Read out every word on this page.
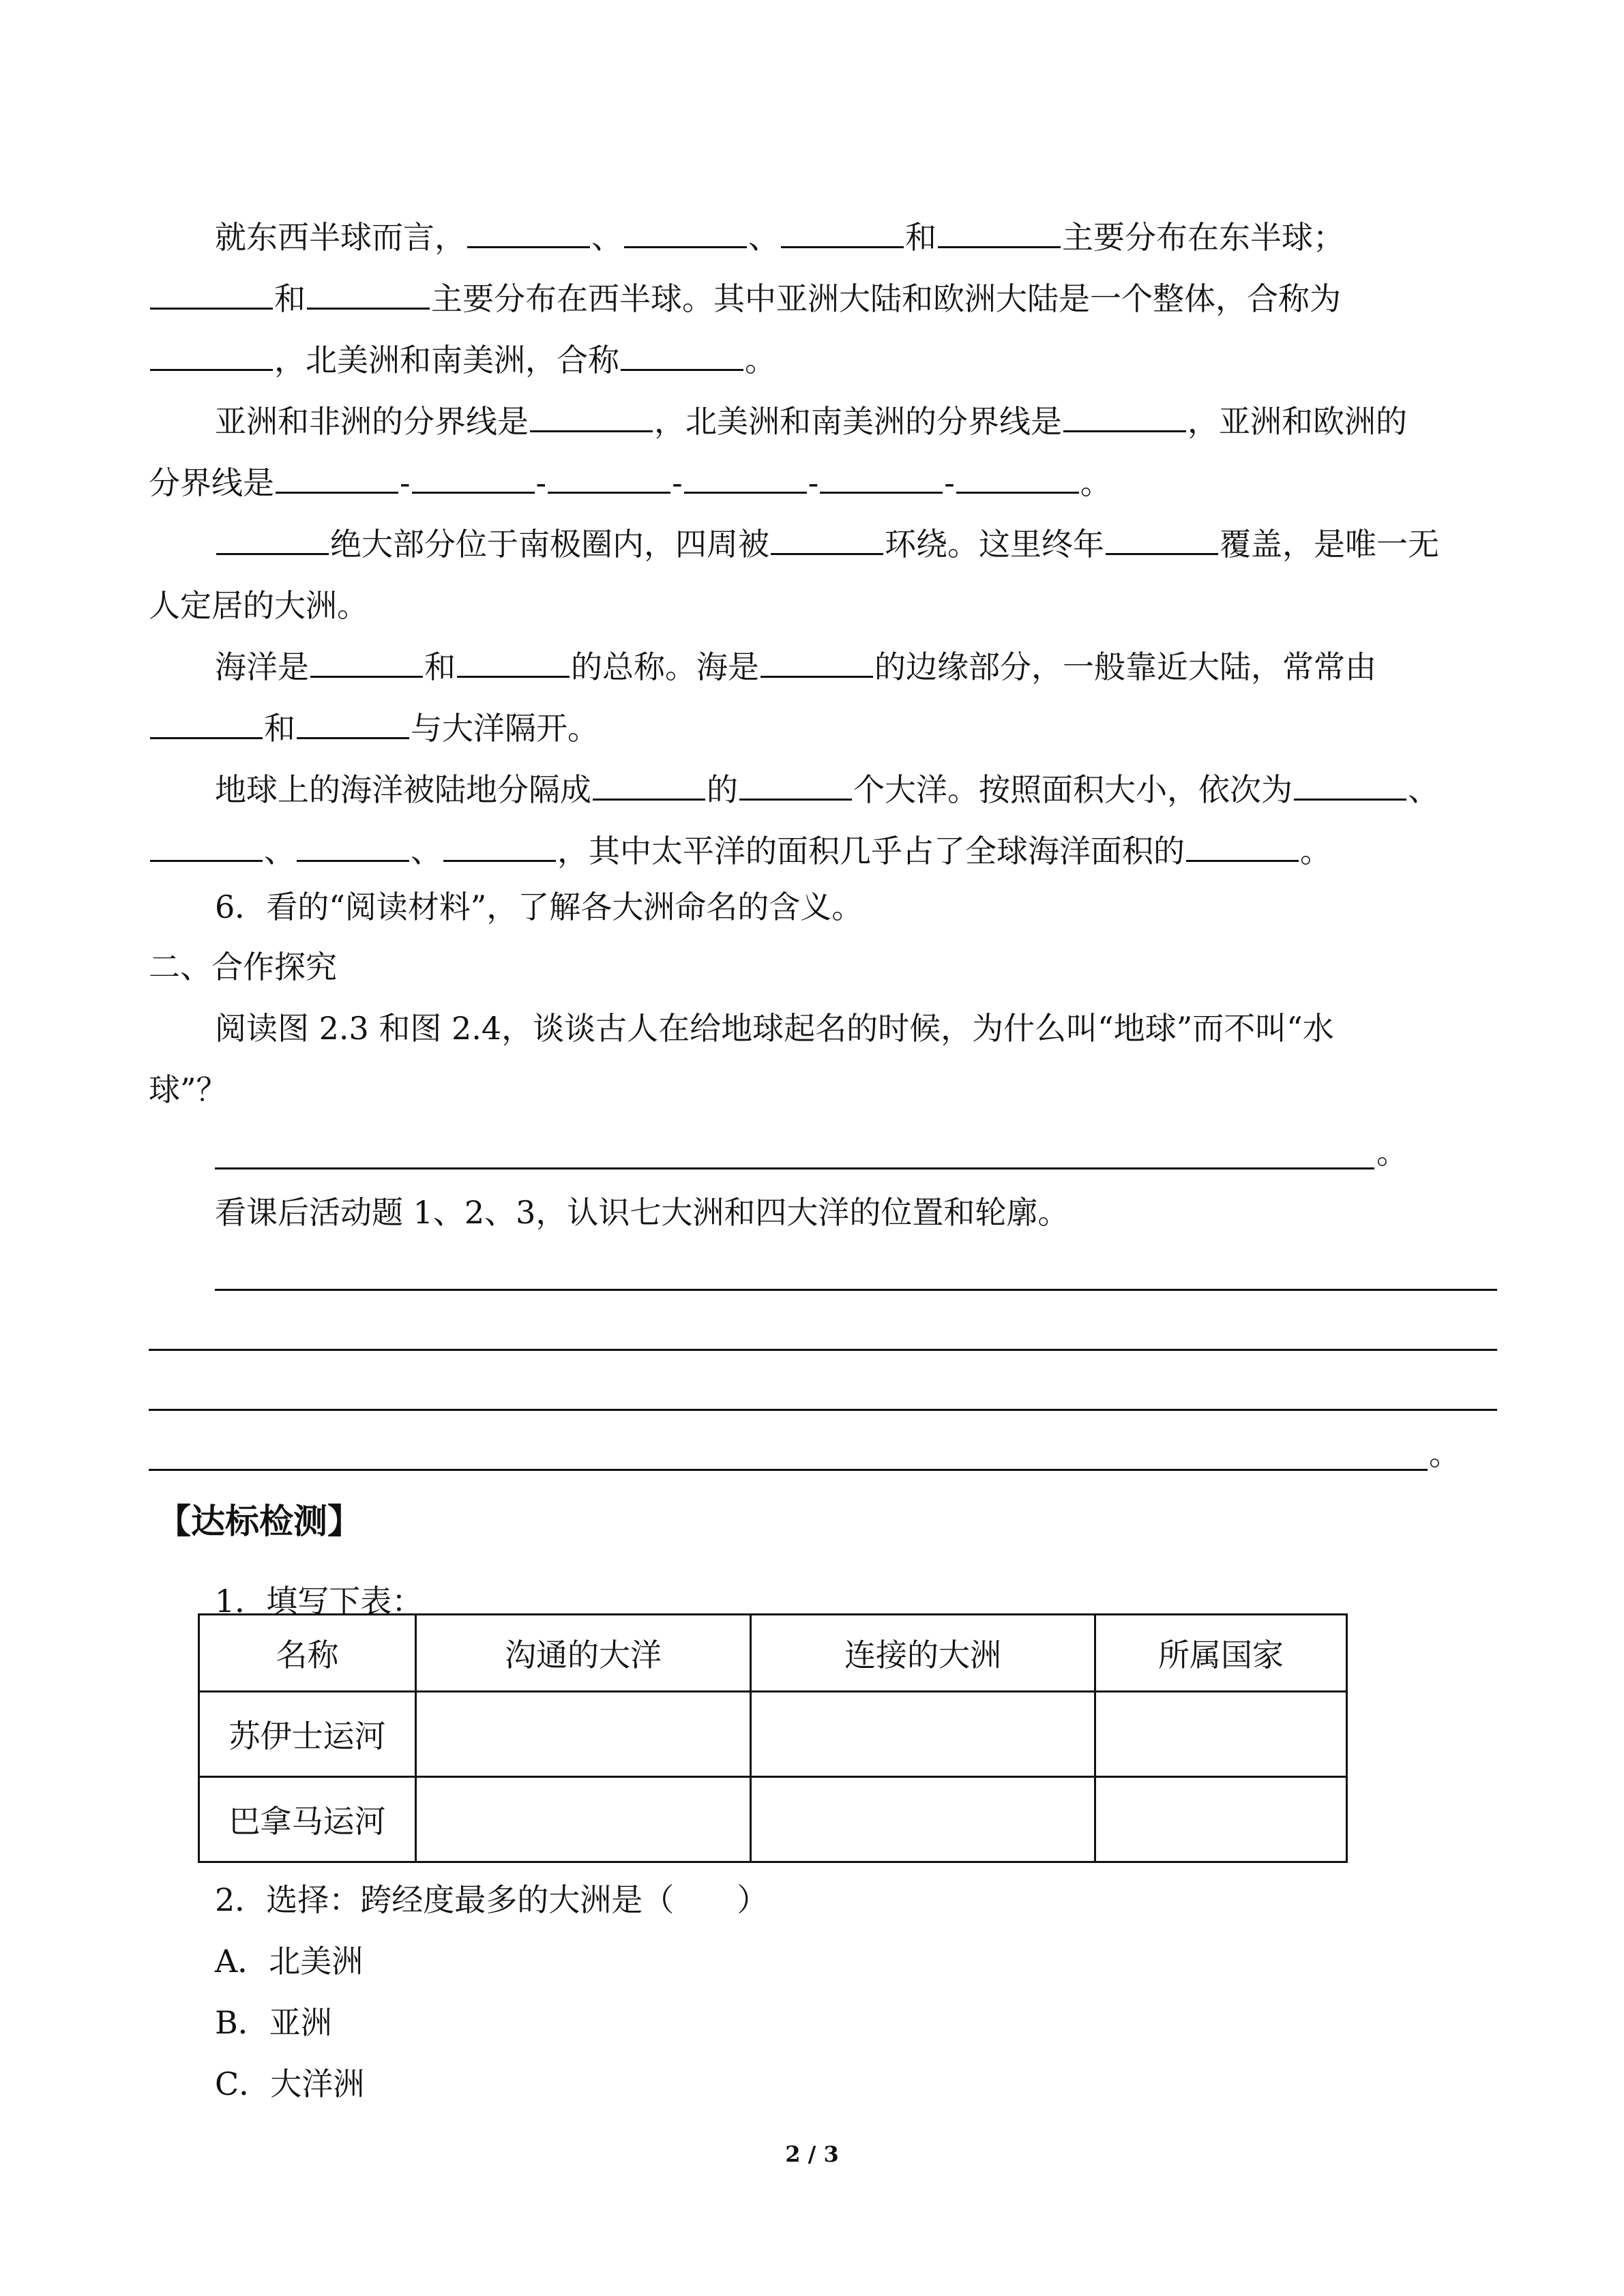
就东西半球而言，	、	、	和	主要分布在东半球；
和	主要分布在西半球。其中亚洲大陆和欧洲大陆是一个整体，合称为
，北美洲和南美洲，合称	。
亚洲和非洲的分界线是	，北美洲和南美洲的分界线是	，亚洲和欧洲的
分界线是	-	-	-	-	-	。
绝大部分位于南极圈内，四周被	环绕。这里终年	覆盖，是唯一无
人定居的大洲。
海洋是	和	的总称。海是	的边缘部分，一般靠近大陆，常常由
和	与大洋隔开。
地球上的海洋被陆地分隔成	的	个大洋。按照面积大小，依次为	、
、	、	，其中太平洋的面积几乎占了全球海洋面积的	。
6．看的“阅读材料”，了解各大洲命名的含义。
二、合作探究
阅读图 2.3 和图 2.4，谈谈古人在给地球起名的时候，为什么叫“地球”而不叫“水
球”？
。
看课后活动题 1、2、3，认识七大洲和四大洋的位置和轮廓。
。
【达标检测】
1．填写下表：
名称	沟通的大洋	连接的大洲	所属国家
苏伊士运河			
巴拿马运河			
2．选择：跨经度最多的大洲是（　　）
A．北美洲
B．亚洲
C．大洋洲
2 / 3
